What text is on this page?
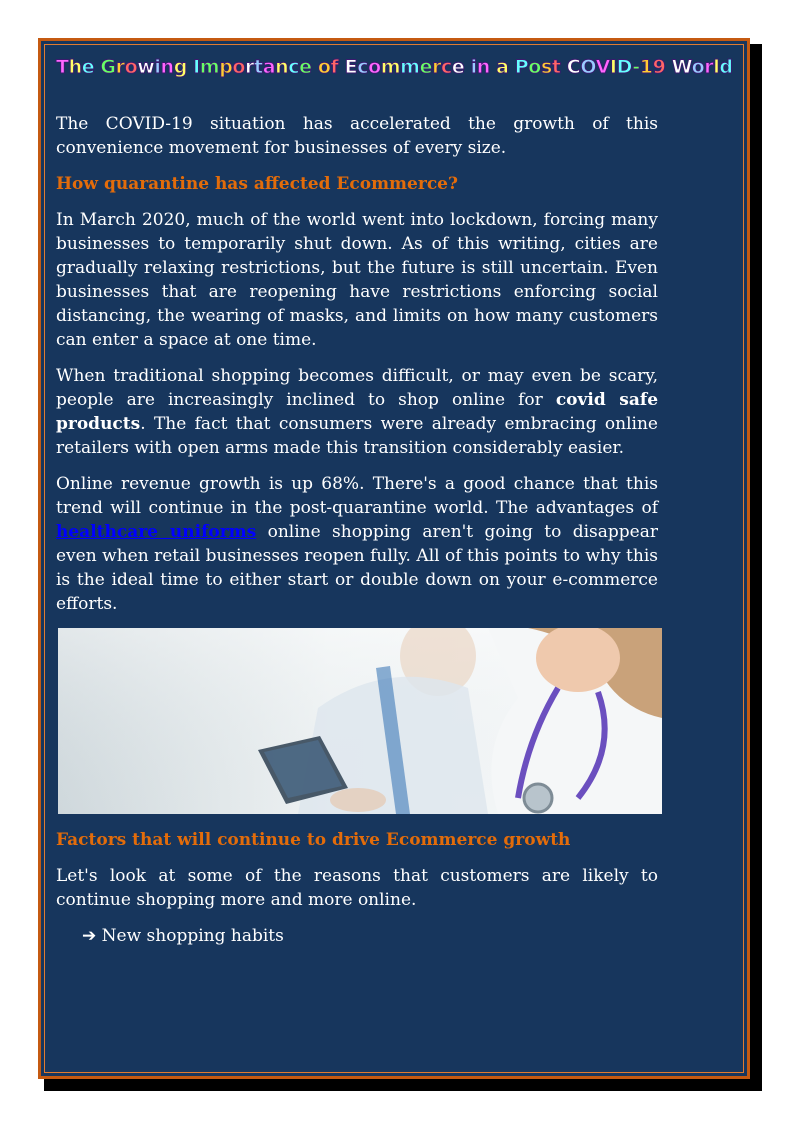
The Growing Importance of Ecommerce in a Post COVID-19 World

The COVID-19 situation has accelerated the growth of this convenience movement for businesses of every size.

How quarantine has affected Ecommerce?

In March 2020, much of the world went into lockdown, forcing many businesses to temporarily shut down. As of this writing, cities are gradually relaxing restrictions, but the future is still uncertain. Even businesses that are reopening have restrictions enforcing social distancing, the wearing of masks, and limits on how many customers can enter a space at one time.

When traditional shopping becomes difficult, or may even be scary, people are increasingly inclined to shop online for covid safe products. The fact that consumers were already embracing online retailers with open arms made this transition considerably easier.

Online revenue growth is up 68%. There's a good chance that this trend will continue in the post-quarantine world. The advantages of healthcare uniforms online shopping aren't going to disappear even when retail businesses reopen fully. All of this points to why this is the ideal time to either start or double down on your e-commerce efforts.

Factors that will continue to drive Ecommerce growth

Let's look at some of the reasons that customers are likely to continue shopping more and more online.

➔ New shopping habits
